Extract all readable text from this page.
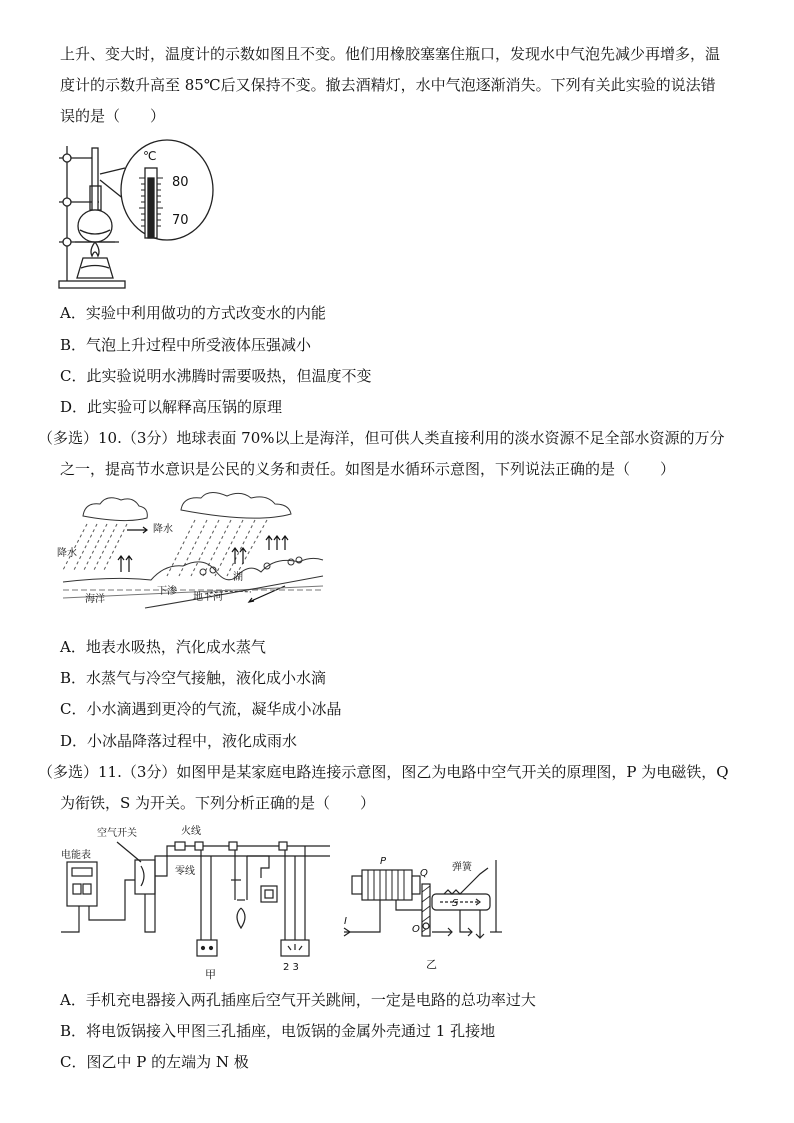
上升、变大时，温度计的示数如图且不变。他们用橡胶塞塞住瓶口，发现水中气泡先减少再增多，温
度计的示数升高至 85℃后又保持不变。撤去酒精灯，水中气泡逐渐消失。下列有关此实验的说法错
误的是（　　）
℃
80
70
A．实验中利用做功的方式改变水的内能
B．气泡上升过程中所受液体压强减小
C．此实验说明水沸腾时需要吸热，但温度不变
D．此实验可以解释高压锅的原理
（多选）10.（3分）地球表面 70%以上是海洋，但可供人类直接利用的淡水资源不足全部水资源的万分
之一，提高节水意识是公民的义务和责任。如图是水循环示意图，下列说法正确的是（　　）
降水
降水
湖
海洋
下渗
地下河
A．地表水吸热，汽化成水蒸气
B．水蒸气与冷空气接触，液化成小水滴
C．小水滴遇到更冷的气流，凝华成小冰晶
D．小冰晶降落过程中，液化成雨水
（多选）11.（3分）如图甲是某家庭电路连接示意图，图乙为电路中空气开关的原理图，P 为电磁铁，Q
为衔铁，S 为开关。下列分析正确的是（　　）
空气开关	火线
零线
电能表
2 3
甲
P
Q
S
I
O
弹簧
乙
A．手机充电器接入两孔插座后空气开关跳闸，一定是电路的总功率过大
B．将电饭锅接入甲图三孔插座，电饭锅的金属外壳通过 1 孔接地
C．图乙中 P 的左端为 N 极
